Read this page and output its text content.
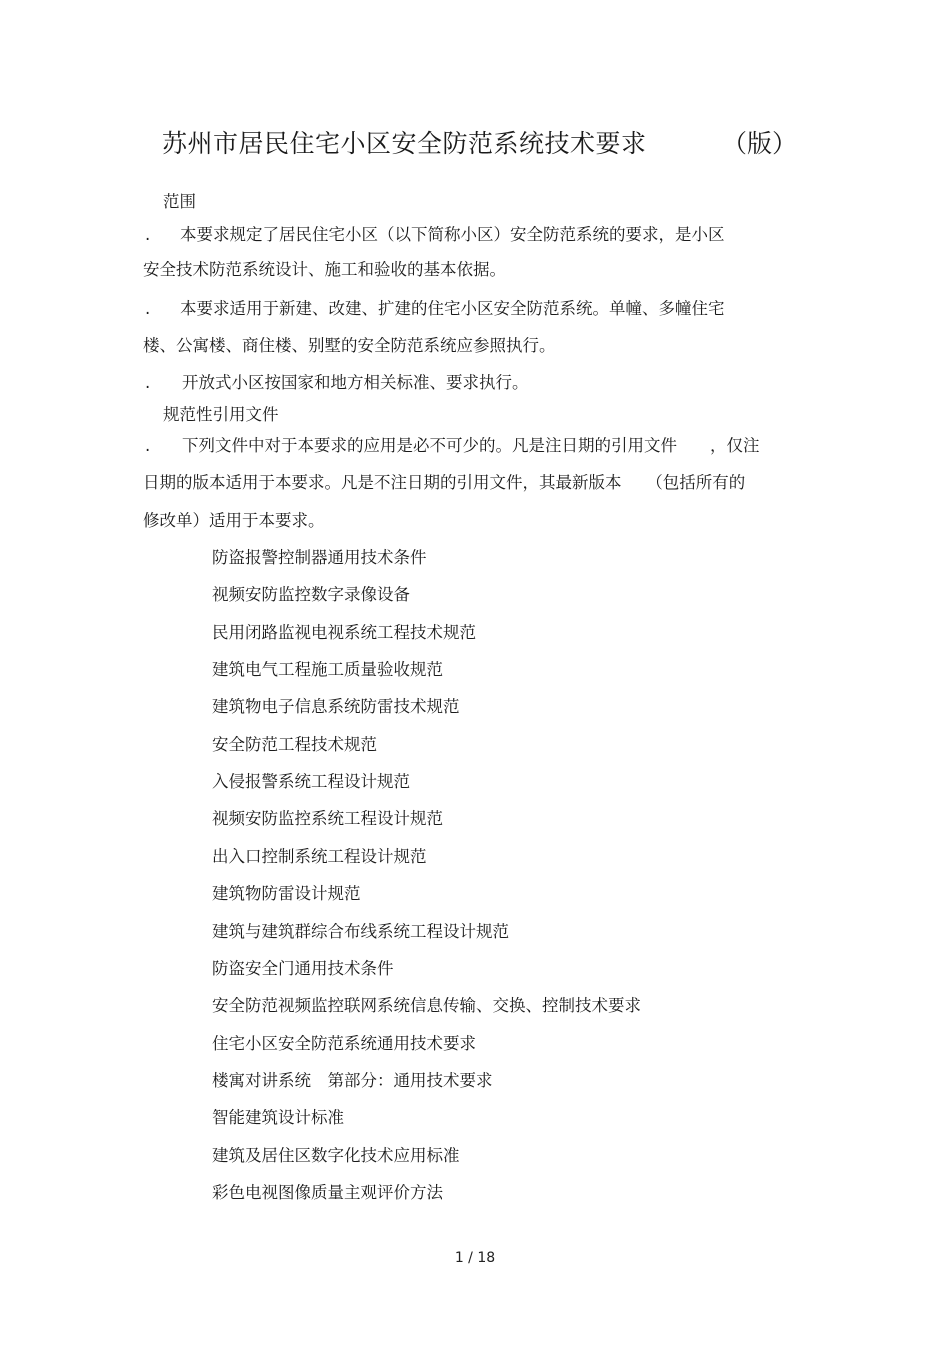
苏州市居民住宅小区安全防范系统技术要求	（版）
范围
. 本要求规定了居民住宅小区（以下简称小区）安全防范系统的要求，是小区
安全技术防范系统设计、施工和验收的基本依据。
. 本要求适用于新建、改建、扩建的住宅小区安全防范系统。单幢、多幢住宅
楼、公寓楼、商住楼、别墅的安全防范系统应参照执行。
. 开放式小区按国家和地方相关标准、要求执行。
规范性引用文件
. 下列文件中对于本要求的应用是必不可少的。凡是注日期的引用文件　　，仅注
日期的版本适用于本要求。凡是不注日期的引用文件，其最新版本　　（包括所有的
修改单）适用于本要求。
防盗报警控制器通用技术条件
视频安防监控数字录像设备
民用闭路监视电视系统工程技术规范
建筑电气工程施工质量验收规范
建筑物电子信息系统防雷技术规范
安全防范工程技术规范
入侵报警系统工程设计规范
视频安防监控系统工程设计规范
出入口控制系统工程设计规范
建筑物防雷设计规范
建筑与建筑群综合布线系统工程设计规范
防盗安全门通用技术条件
安全防范视频监控联网系统信息传输、交换、控制技术要求
住宅小区安全防范系统通用技术要求
楼寓对讲系统　第部分：通用技术要求
智能建筑设计标准
建筑及居住区数字化技术应用标准
彩色电视图像质量主观评价方法
1 / 18
